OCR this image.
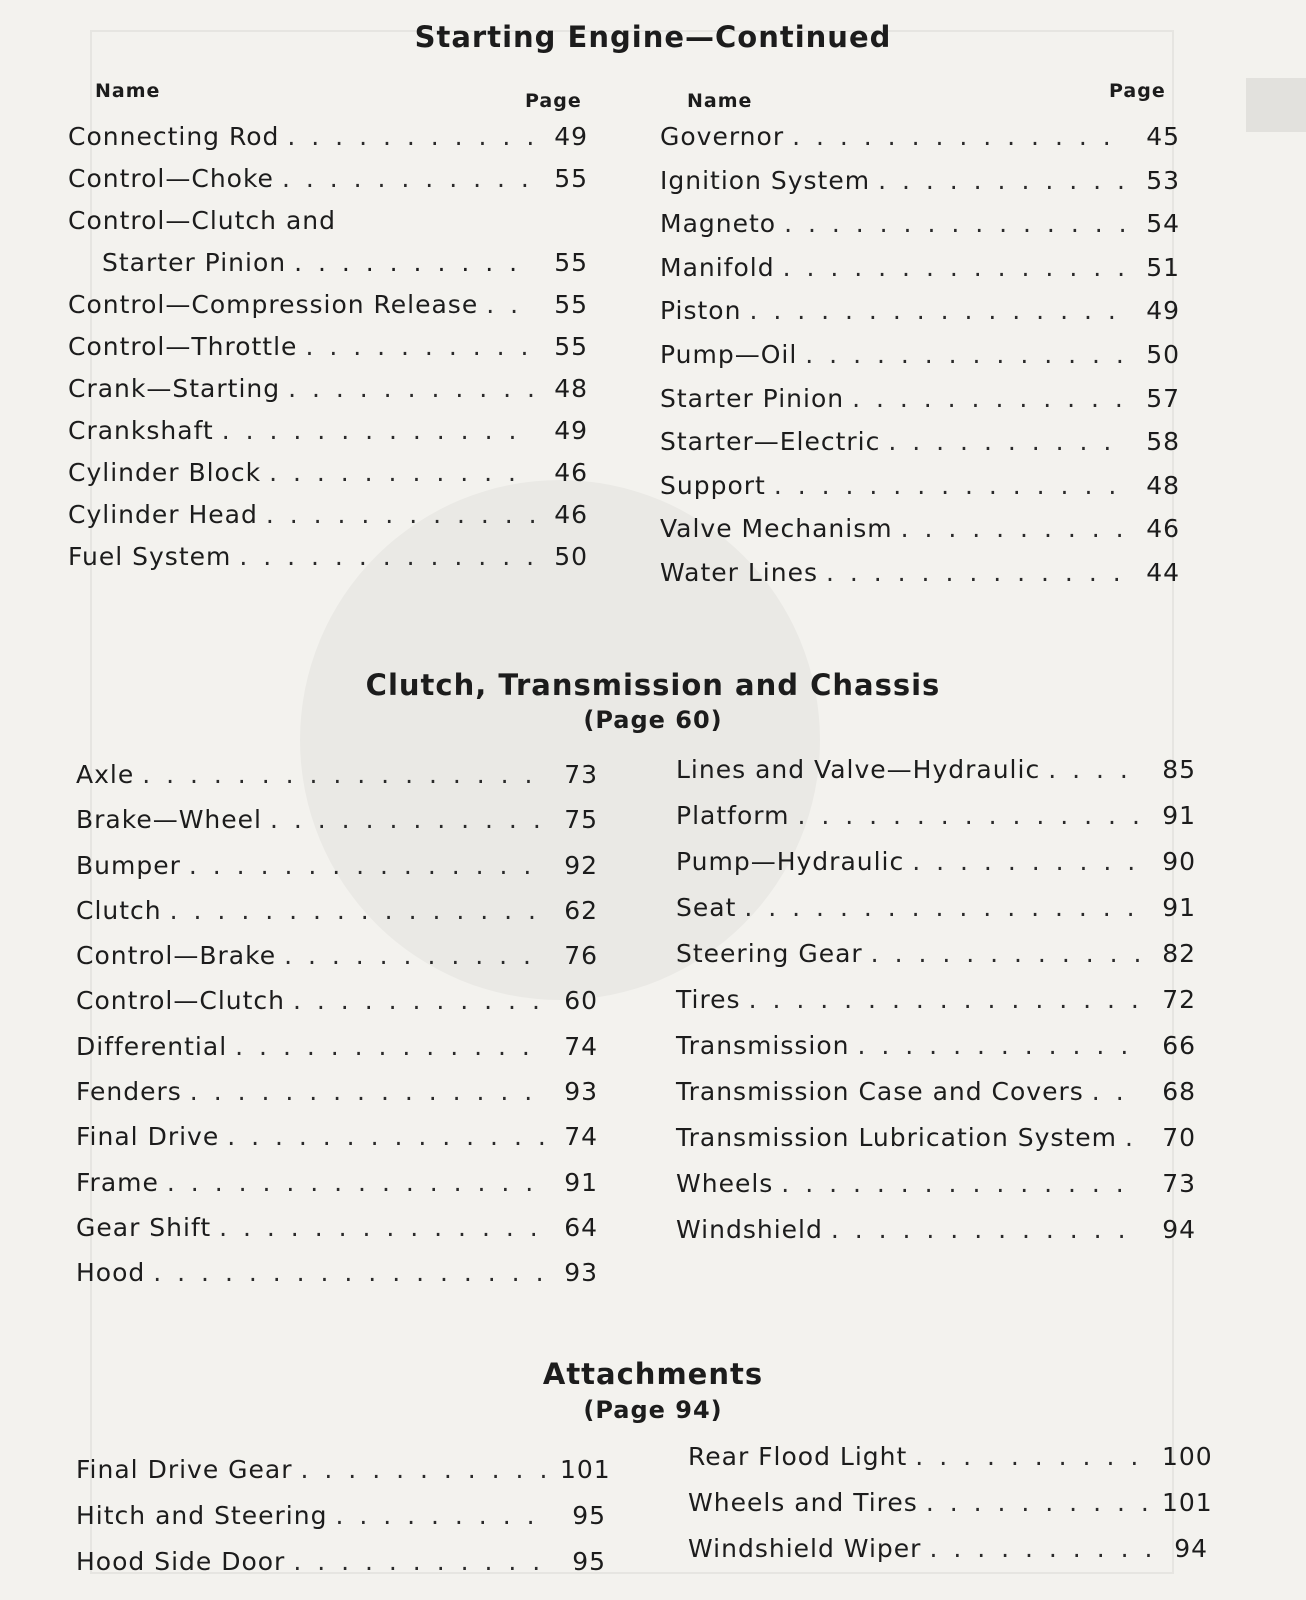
Starting Engine—Continued
Name	Page	Name	Page
Connecting Rod . . .	49
Control—Choke . . .	55
Control—Clutch and
Starter Pinion . . .	55
Control—Compression Release . . .	55
Control—Throttle . . .	55
Crank—Starting . . .	48
Crankshaft . . .	49
Cylinder Block . . .	46
Cylinder Head . . .	46
Fuel System . . .	50
Governor . . .	45
Ignition System . . .	53
Magneto . . .	54
Manifold . . .	51
Piston . . .	49
Pump—Oil . . .	50
Starter Pinion . . .	57
Starter—Electric . . .	58
Support . . .	48
Valve Mechanism . . .	46
Water Lines . . .	44
Clutch, Transmission and Chassis
(Page 60)
Axle . . .	73
Brake—Wheel . . .	75
Bumper . . .	92
Clutch . . .	62
Control—Brake . . .	76
Control—Clutch . . .	60
Differential . . .	74
Fenders . . .	93
Final Drive . . .	74
Frame . . .	91
Gear Shift . . .	64
Hood . . .	93
Lines and Valve—Hydraulic . . .	85
Platform . . .	91
Pump—Hydraulic . . .	90
Seat . . .	91
Steering Gear . . .	82
Tires . . .	72
Transmission . . .	66
Transmission Case and Covers . . .	68
Transmission Lubrication System . . .	70
Wheels . . .	73
Windshield . . .	94
Attachments
(Page 94)
Final Drive Gear . . .	101
Hitch and Steering . . .	95
Hood Side Door . . .	95
Rear Flood Light . . .	100
Wheels and Tires . . .	101
Windshield Wiper . . .	94
